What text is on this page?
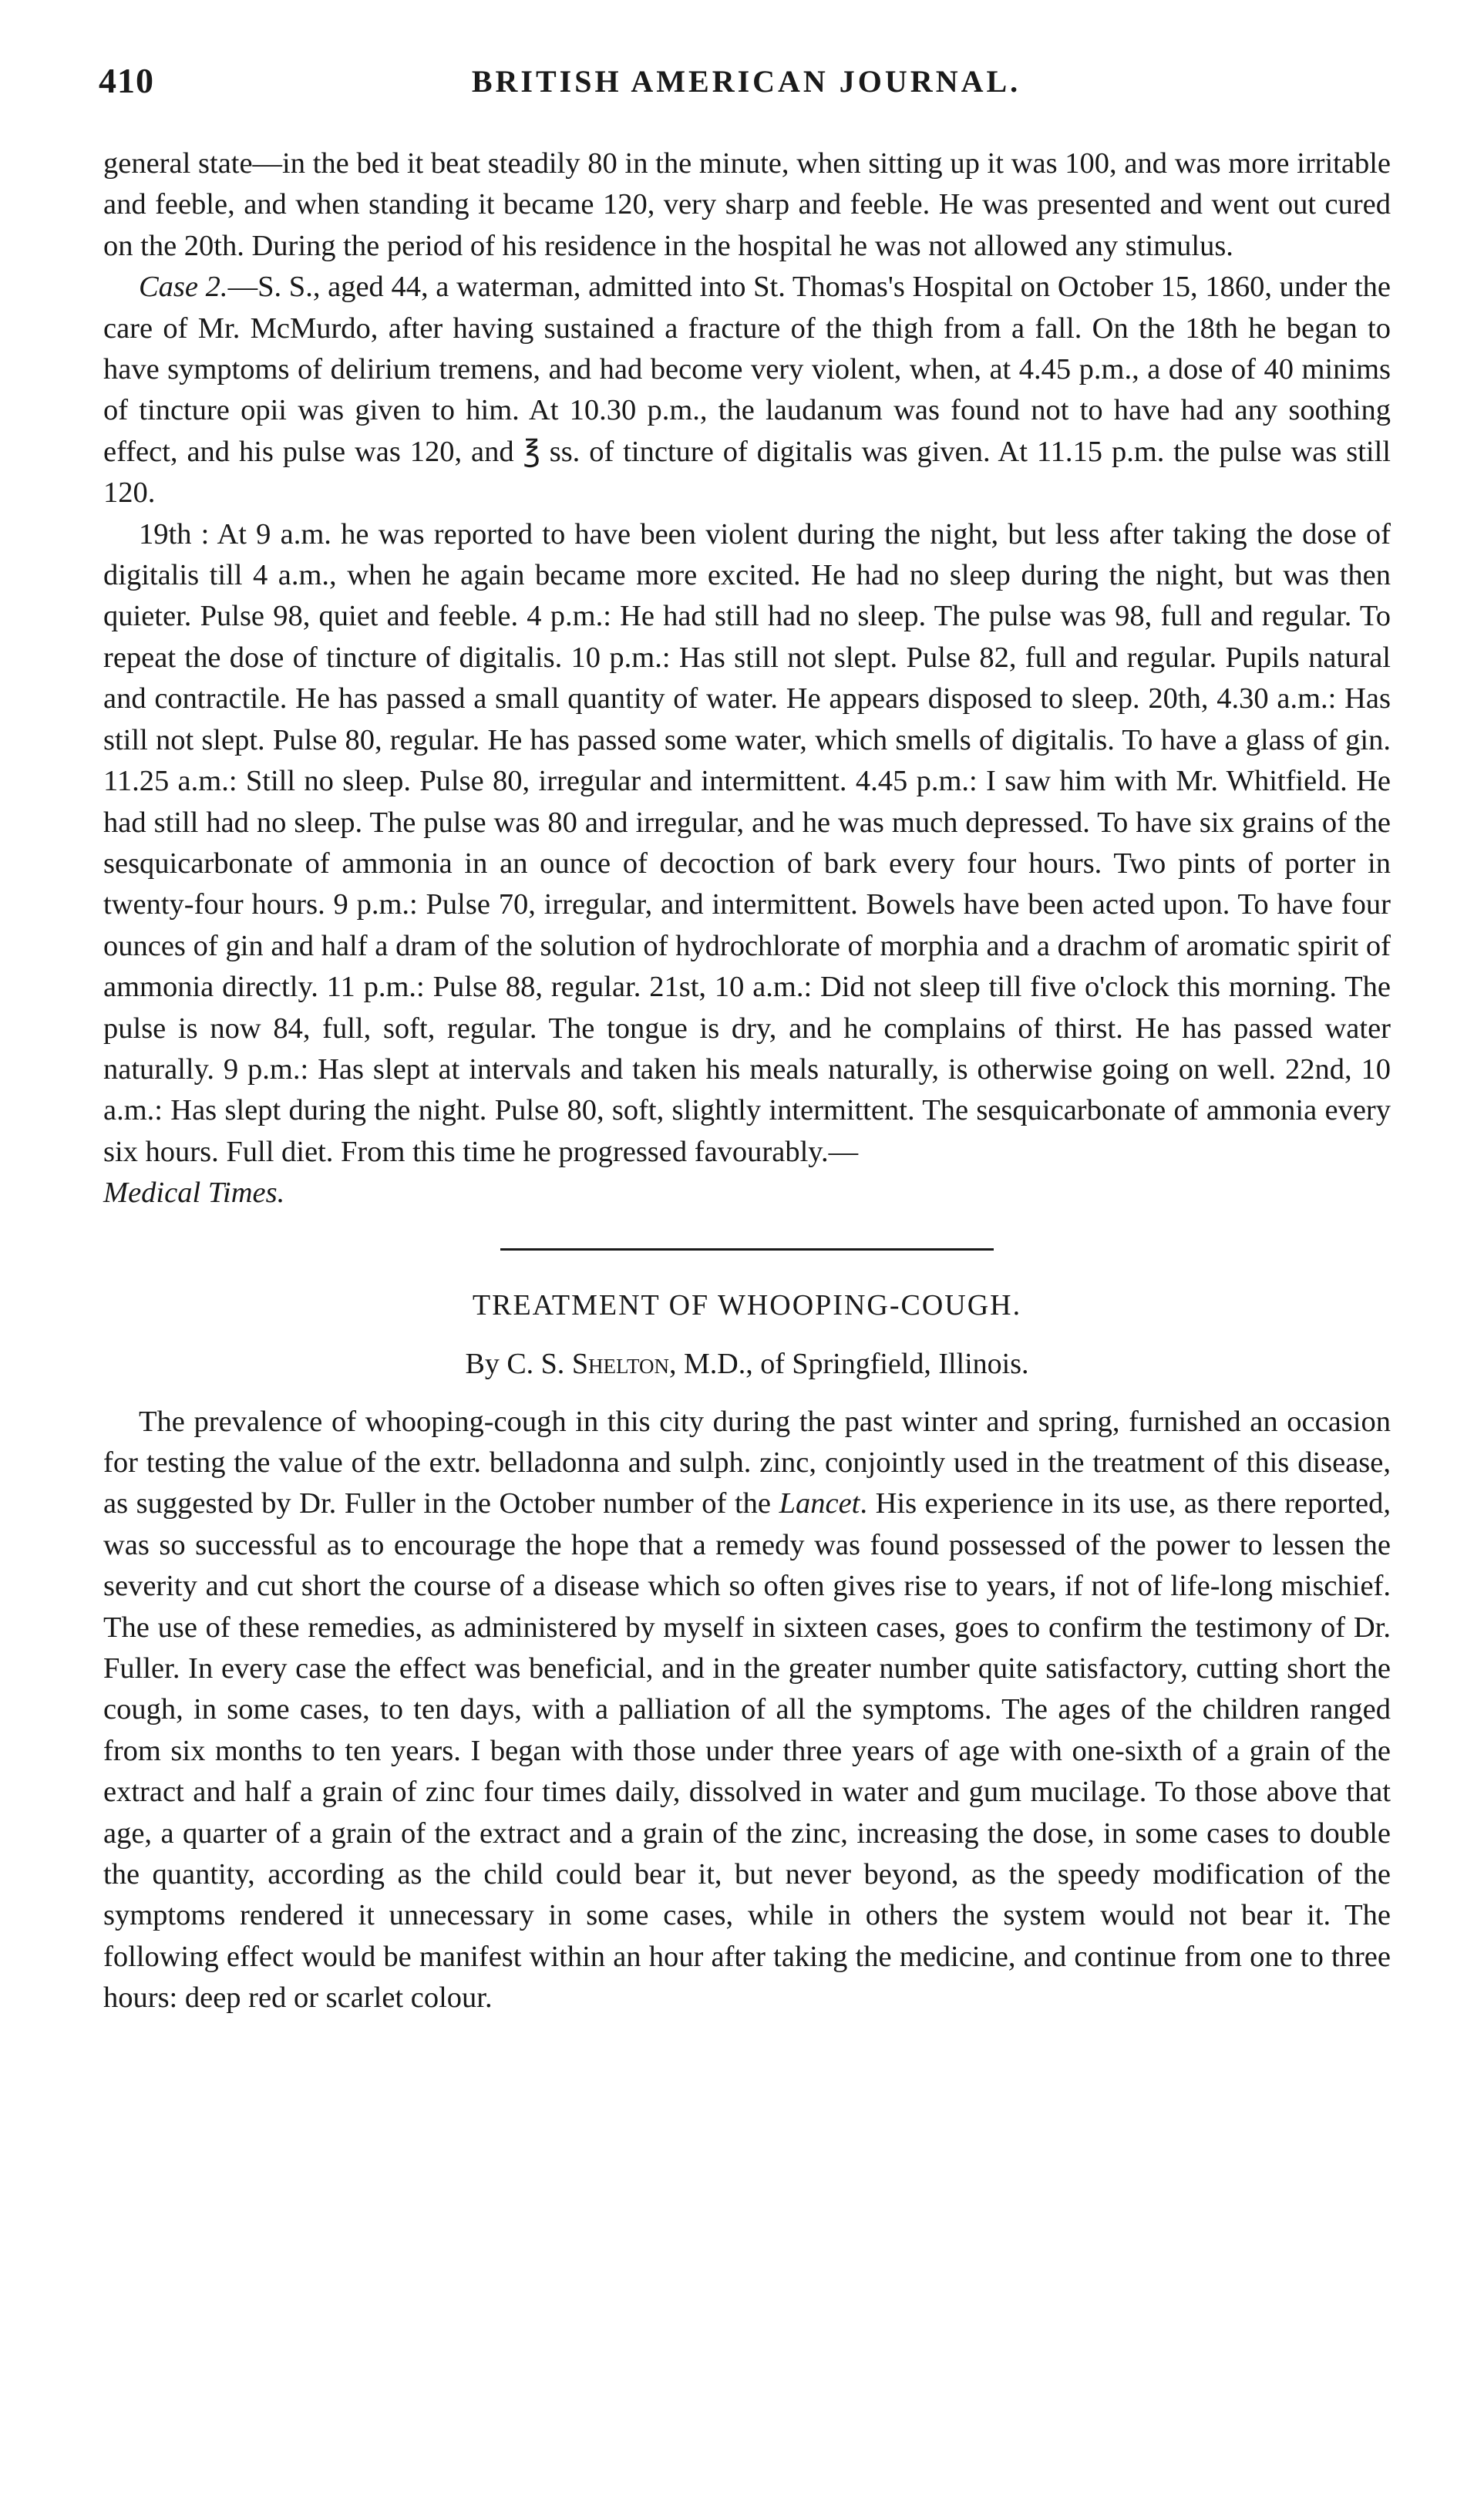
410	BRITISH AMERICAN JOURNAL.

general state—in the bed it beat steadily 80 in the minute, when sitting up it was 100, and was more irritable and feeble, and when standing it became 120, very sharp and feeble. He was presented and went out cured on the 20th. During the period of his residence in the hospital he was not allowed any stimulus.

Case 2.—S. S., aged 44, a waterman, admitted into St. Thomas's Hospital on October 15, 1860, under the care of Mr. McMurdo, after having sustained a fracture of the thigh from a fall. On the 18th he began to have symptoms of delirium tremens, and had become very violent, when, at 4.45 p.m., a dose of 40 minims of tincture opii was given to him. At 10.30 p.m., the laudanum was found not to have had any soothing effect, and his pulse was 120, and ℥ ss. of tincture of digitalis was given. At 11.15 p.m. the pulse was still 120.

19th : At 9 a.m. he was reported to have been violent during the night, but less after taking the dose of digitalis till 4 a.m., when he again became more excited. He had no sleep during the night, but was then quieter. Pulse 98, quiet and feeble. 4 p.m.: He had still had no sleep. The pulse was 98, full and regular. To repeat the dose of tincture of digitalis. 10 p.m.: Has still not slept. Pulse 82, full and regular. Pupils natural and contractile. He has passed a small quantity of water. He appears disposed to sleep. 20th, 4.30 a.m.: Has still not slept. Pulse 80, regular. He has passed some water, which smells of digitalis. To have a glass of gin. 11.25 a.m.: Still no sleep. Pulse 80, irregular and intermittent. 4.45 p.m.: I saw him with Mr. Whitfield. He had still had no sleep. The pulse was 80 and irregular, and he was much depressed. To have six grains of the sesquicarbonate of ammonia in an ounce of decoction of bark every four hours. Two pints of porter in twenty-four hours. 9 p.m.: Pulse 70, irregular, and intermittent. Bowels have been acted upon. To have four ounces of gin and half a dram of the solution of hydrochlorate of morphia and a drachm of aromatic spirit of ammonia directly. 11 p.m.: Pulse 88, regular. 21st, 10 a.m.: Did not sleep till five o'clock this morning. The pulse is now 84, full, soft, regular. The tongue is dry, and he complains of thirst. He has passed water naturally. 9 p.m.: Has slept at intervals and taken his meals naturally, is otherwise going on well. 22nd, 10 a.m.: Has slept during the night. Pulse 80, soft, slightly intermittent. The sesquicarbonate of ammonia every six hours. Full diet. From this time he progressed favourably.—

Medical Times.

TREATMENT OF WHOOPING-COUGH.
By C. S. Shelton, M.D., of Springfield, Illinois.

The prevalence of whooping-cough in this city during the past winter and spring, furnished an occasion for testing the value of the extr. belladonna and sulph. zinc, conjointly used in the treatment of this disease, as suggested by Dr. Fuller in the October number of the Lancet. His experience in its use, as there reported, was so successful as to encourage the hope that a remedy was found possessed of the power to lessen the severity and cut short the course of a disease which so often gives rise to years, if not of life-long mischief. The use of these remedies, as administered by myself in sixteen cases, goes to confirm the testimony of Dr. Fuller. In every case the effect was beneficial, and in the greater number quite satisfactory, cutting short the cough, in some cases, to ten days, with a palliation of all the symptoms. The ages of the children ranged from six months to ten years. I began with those under three years of age with one-sixth of a grain of the extract and half a grain of zinc four times daily, dissolved in water and gum mucilage. To those above that age, a quarter of a grain of the extract and a grain of the zinc, increasing the dose, in some cases to double the quantity, according as the child could bear it, but never beyond, as the speedy modification of the symptoms rendered it unnecessary in some cases, while in others the system would not bear it. The following effect would be manifest within an hour after taking the medicine, and continue from one to three hours: deep red or scarlet colour.
